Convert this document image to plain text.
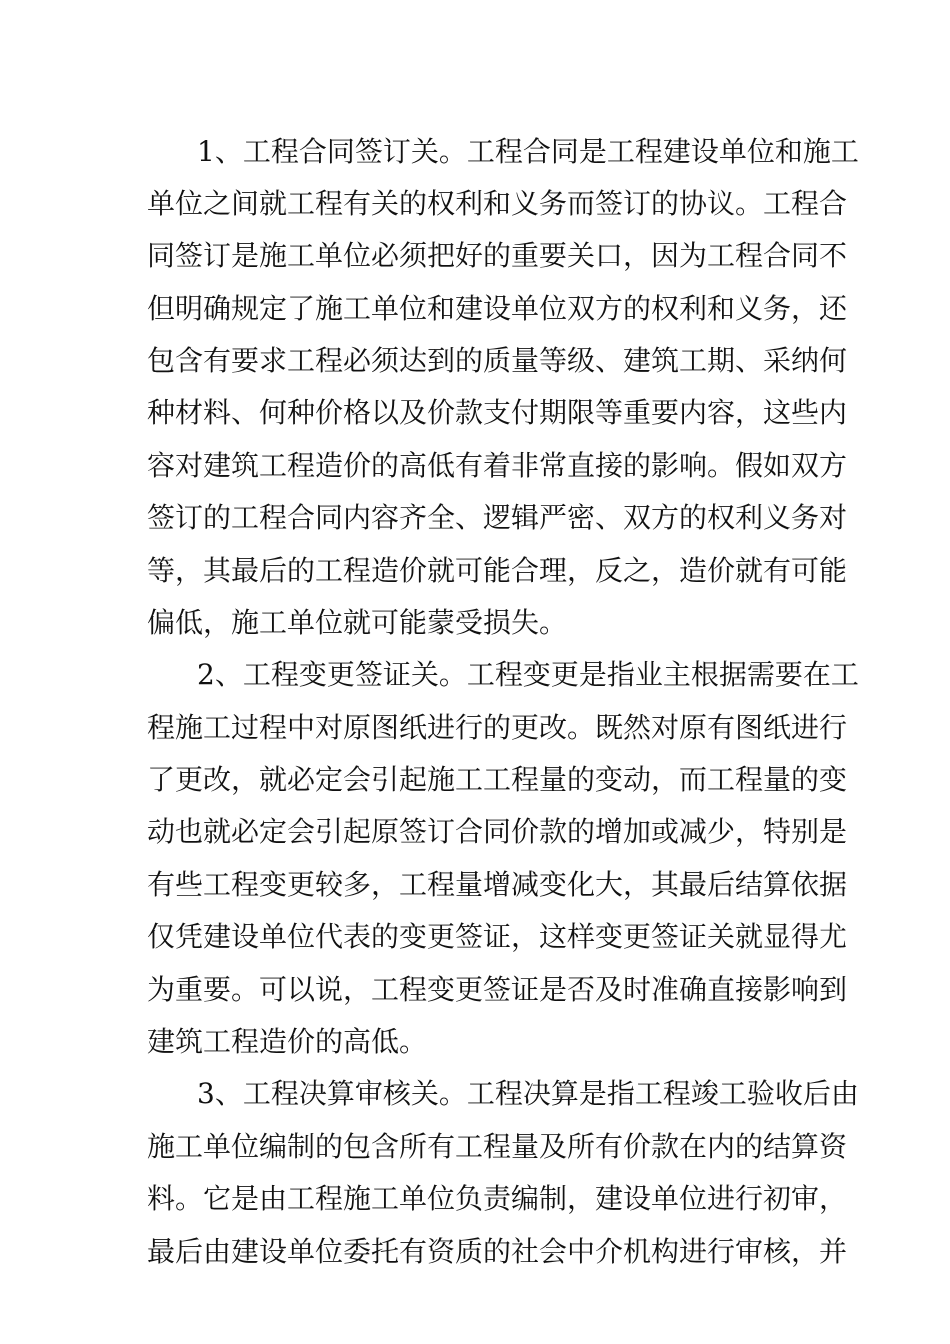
1、工程合同签订关。工程合同是工程建设单位和施工
单位之间就工程有关的权利和义务而签订的协议。工程合
同签订是施工单位必须把好的重要关口，因为工程合同不
但明确规定了施工单位和建设单位双方的权利和义务，还
包含有要求工程必须达到的质量等级、建筑工期、采纳何
种材料、何种价格以及价款支付期限等重要内容，这些内
容对建筑工程造价的高低有着非常直接的影响。假如双方
签订的工程合同内容齐全、逻辑严密、双方的权利义务对
等，其最后的工程造价就可能合理，反之，造价就有可能
偏低，施工单位就可能蒙受损失。
2、工程变更签证关。工程变更是指业主根据需要在工
程施工过程中对原图纸进行的更改。既然对原有图纸进行
了更改，就必定会引起施工工程量的变动，而工程量的变
动也就必定会引起原签订合同价款的增加或减少，特别是
有些工程变更较多，工程量增减变化大，其最后结算依据
仅凭建设单位代表的变更签证，这样变更签证关就显得尤
为重要。可以说，工程变更签证是否及时准确直接影响到
建筑工程造价的高低。
3、工程决算审核关。工程决算是指工程竣工验收后由
施工单位编制的包含所有工程量及所有价款在内的结算资
料。它是由工程施工单位负责编制，建设单位进行初审，
最后由建设单位委托有资质的社会中介机构进行审核，并
